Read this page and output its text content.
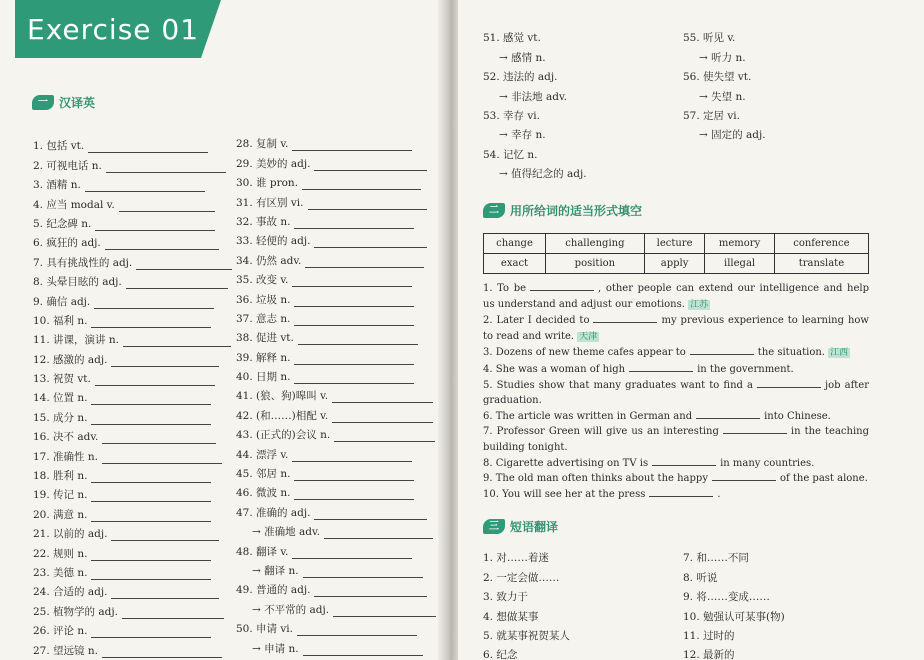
Exercise 01
一 汉译英
1. 包括 vt.
2. 可视电话 n.
3. 酒精 n.
4. 应当 modal v.
5. 纪念碑 n.
6. 疯狂的 adj.
7. 具有挑战性的 adj.
8. 头晕目眩的 adj.
9. 确信 adj.
10. 福利 n.
11. 讲课，演讲 n.
12. 感激的 adj.
13. 祝贺 vt.
14. 位置 n.
15. 成分 n.
16. 决不 adv.
17. 准确性 n.
18. 胜利 n.
19. 传记 n.
20. 满意 n.
21. 以前的 adj.
22. 规则 n.
23. 美德 n.
24. 合适的 adj.
25. 植物学的 adj.
26. 评论 n.
27. 望远镜 n.
28. 复制 v.
29. 美妙的 adj.
30. 谁 pron.
31. 有区别 vi.
32. 事故 n.
33. 轻便的 adj.
34. 仍然 adv.
35. 改变 v.
36. 垃圾 n.
37. 意志 n.
38. 促进 vt.
39. 解释 n.
40. 日期 n.
41. (狼、狗)嗥叫 v.
42. (和……)相配 v.
43. (正式的)会议 n.
44. 漂浮 v.
45. 邻居 n.
46. 微波 n.
47. 准确的 adj.
→ 准确地 adv.
48. 翻译 v.
→ 翻译 n.
49. 普通的 adj.
→ 不平常的 adj.
50. 申请 vi.
→ 申请 n.
51. 感觉 vt.
→ 感情 n.
52. 违法的 adj.
→ 非法地 adv.
53. 幸存 vi.
→ 幸存 n.
54. 记忆 n.
→ 值得纪念的 adj.
55. 听见 v.
→ 听力 n.
56. 使失望 vt.
→ 失望 n.
57. 定居 vi.
→ 固定的 adj.
二 用所给词的适当形式填空
change	challenging	lecture	memory	conference
exact	position	apply	illegal	translate
1. To be	, other people can extend our intelligence and help us understand and adjust our emotions. 江苏
2. Later I decided to	my previous experience to learning how to read and write. 天津
3. Dozens of new theme cafes appear to	the situation. 江西
4. She was a woman of high	in the government.
5. Studies show that many graduates want to find a	job after graduation.
6. The article was written in German and	into Chinese.
7. Professor Green will give us an interesting	in the teaching building tonight.
8. Cigarette advertising on TV is	in many countries.
9. The old man often thinks about the happy	of the past alone.
10. You will see her at the press	.
三 短语翻译
1. 对……着迷
2. 一定会做……
3. 致力于
4. 想做某事
5. 就某事祝贺某人
6. 纪念
7. 和……不同
8. 听说
9. 将……变成……
10. 勉强认可某事(物)
11. 过时的
12. 最新的
